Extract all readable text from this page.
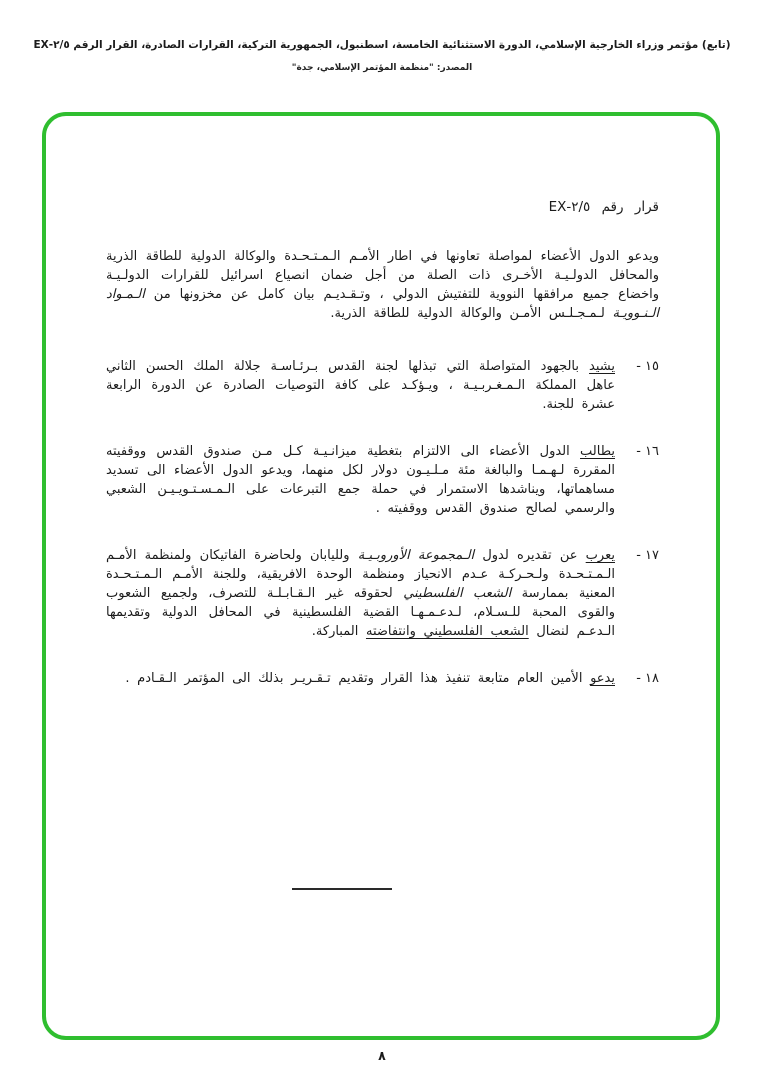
(تابع) مؤتمر وزراء الخارجية الإسلامي، الدورة الاستثنائية الخامسة، اسطنبول، الجمهورية التركية، القرارات الصادرة، القرار الرقم ٢/٥-EX
المصدر: "منظمة المؤتمر الإسلامي، جدة"

قرار رقم ٢/٥-EX

ويدعو الدول الأعضاء لمواصلة تعاونها في اطار الأمـم الـمـتـحـدة والوكالة الدولية للطاقة الذرية والمحافل الدولـيـة الأخـرى ذات الصلة من أجل ضمان انصياع اسرائيل للقرارات الدولـيـة واخضاع جميع مرافقها النووية للتفتيش الدولي ، وتـقـديـم بيان كامل عن مخزونها من الـمـواد الـنـوويـة لـمـجـلـس الأمـن والوكالة الدولية للطاقة الذرية.

١٥ -

يشيد بالجهود المتواصلة التي تبذلها لجنة القدس بـرئـاسـة جلالة الملك الحسن الثاني عاهل المملكة الـمـغـربـيـة ، ويـؤكـد على كافة التوصيات الصادرة عن الدورة الرابعة عشرة للجنة.

١٦ -

يطالب الدول الأعضاء الى الالتزام بتغطية ميزانـيـة كـل مـن صندوق القدس ووقفيته المقررة لـهـمـا والبالغة مئة مـلـيـون دولار لكل منهما، ويدعو الدول الأعضاء الى تسديد مساهماتها، ويناشدها الاستمرار في حملة جمع التبرعات على الـمـسـتـويـيـن الشعبي والرسمي لصالح صندوق القدس ووقفيته .

١٧ -

يعرب عن تقديره لدول الـمجموعة الأوروبـيـة ولليابان ولحاضرة الفاتيكان ولمنظمة الأمـم الـمـتـحـدة ولـحـركـة عـدم الانحياز ومنظمة الوحدة الافريقية، وللجنة الأمـم الـمـتـحـدة المعنية بممارسة الشعب الفلسطيني لحقوقه غير الـقـابـلـة للتصرف، ولجميع الشعوب والقوى المحبة للـسـلام، لـدعـمـهـا القضية الفلسطينية في المحافل الدولية وتقديمها الـدعـم لنضال الشعب الفلسطيني وانتفاضته المباركة.

١٨ -

يدعو الأمين العام متابعة تنفيذ هذا القرار وتقديم تـقـريـر بذلك الى المؤتمر الـقـادم .

٨
